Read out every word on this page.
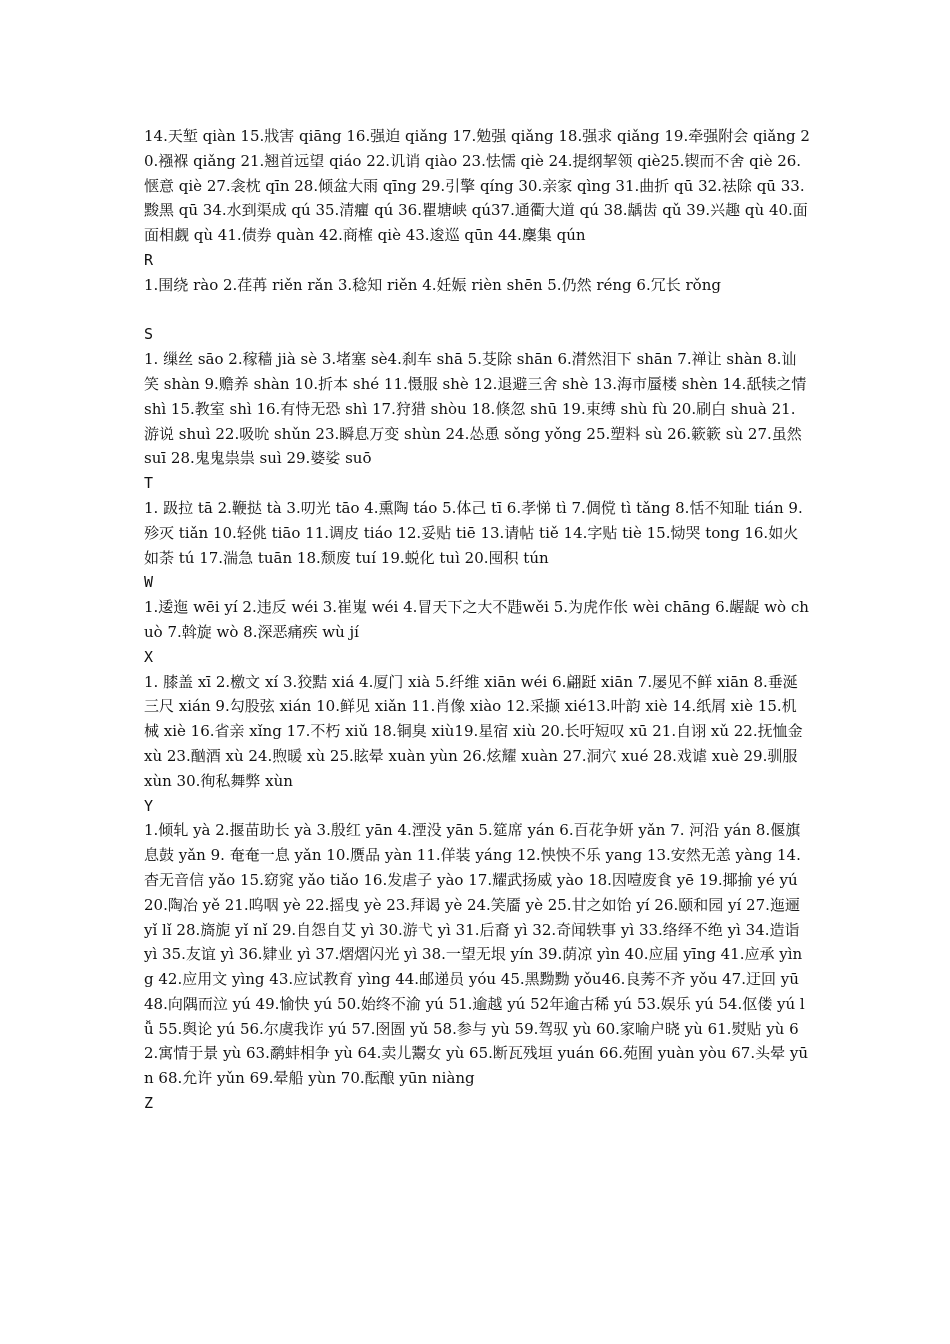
14.天堑 qiàn 15.戕害 qiāng 16.强迫 qiǎng 17.勉强 qiǎng 18.强求 qiǎng 19.牵强附会 qiǎng 20.襁褓 qiǎng 21.翘首远望 qiáo 22.讥诮 qiào 23.怯懦 qiè 24.提纲挈领 qiè25.锲而不舍 qiè 26.惬意 qiè 27.衾枕 qīn 28.倾盆大雨 qīng 29.引擎 qíng 30.亲家 qìng 31.曲折 qū 32.祛除 qū 33.黢黑 qū 34.水到渠成 qú 35.清癯 qú 36.瞿塘峡 qú37.通衢大道 qú 38.龋齿 qǔ 39.兴趣 qù 40.面面相觑 qù 41.债券 quàn 42.商榷 qiè 43.逡巡 qūn 44.麇集 qún

R

1.围绕 rào 2.荏苒 riěn rǎn 3.稔知 riěn 4.妊娠 rièn shēn 5.仍然 réng 6.冗长 rǒng

S

1. 缫丝 sāo 2.稼穑 jià sè 3.堵塞 sè4.刹车 shā 5.芟除 shān 6.潸然泪下 shān 7.禅让 shàn 8.讪笑 shàn 9.赡养 shàn 10.折本 shé 11.慑服 shè 12.退避三舍 shè 13.海市蜃楼 shèn 14.舐犊之情 shì 15.教室 shì 16.有恃无恐 shì 17.狩猎 shòu 18.倏忽 shū 19.束缚 shù fù 20.刷白 shuà 21.游说 shuì 22.吸吮 shǔn 23.瞬息万变 shùn 24.怂恿 sǒng yǒng 25.塑料 sù 26.簌簌 sù 27.虽然 suī 28.鬼鬼祟祟 suì 29.婆娑 suō

T

1. 趿拉 tā 2.鞭挞 tà 3.叨光 tāo 4.熏陶 táo 5.体己 tī 6.孝悌 tì 7.倜傥 tì tǎng 8.恬不知耻 tián 9.殄灭 tiǎn 10.轻佻 tiāo 11.调皮 tiáo 12.妥贴 tiē 13.请帖 tiě 14.字贴 tiè 15.恸哭 tong 16.如火如荼 tú 17.湍急 tuān 18.颓废 tuí 19.蜕化 tuì 20.囤积 tún

W

1.逶迤 wēi yí 2.违反 wéi 3.崔嵬 wéi 4.冒天下之大不韪wěi 5.为虎作伥 wèi chāng 6.龌龊 wò chuò 7.斡旋 wò 8.深恶痛疾 wù jí

X

1. 膝盖 xī 2.檄文 xí 3.狡黠 xiá 4.厦门 xià 5.纤维 xiān wéi 6.翩跹 xiān 7.屡见不鲜 xiān 8.垂涎三尺 xián 9.勾股弦 xián 10.鲜见 xiǎn 11.肖像 xiào 12.采撷 xié13.叶韵 xiè 14.纸屑 xiè 15.机械 xiè 16.省亲 xǐng 17.不朽 xiǔ 18.铜臭 xiù19.星宿 xiù 20.长吁短叹 xū 21.自诩 xǔ 22.抚恤金 xù 23.酗酒 xù 24.煦暖 xù 25.眩晕 xuàn yùn 26.炫耀 xuàn 27.洞穴 xué 28.戏谑 xuè 29.驯服 xùn 30.徇私舞弊 xùn

Y

1.倾轧 yà 2.揠苗助长 yà 3.殷红 yān 4.湮没 yān 5.筵席 yán 6.百花争妍 yǎn 7. 河沿 yán 8.偃旗息鼓 yǎn 9. 奄奄一息 yǎn 10.赝品 yàn 11.佯装 yáng 12.怏怏不乐 yang 13.安然无恙 yàng 14.杳无音信 yǎo 15.窈窕 yǎo tiǎo 16.发虐子 yào 17.耀武扬威 yào 18.因噎废食 yē 19.揶揄 yé yú 20.陶冶 yě 21.呜咽 yè 22.摇曳 yè 23.拜谒 yè 24.笑靥 yè 25.甘之如饴 yí 26.颐和园 yí 27.迤逦 yǐ lǐ 28.旖旎 yǐ nǐ 29.自怨自艾 yì 30.游弋 yì 31.后裔 yì 32.奇闻轶事 yì 33.络绎不绝 yì 34.造诣 yì 35.友谊 yì 36.肄业 yì 37.熠熠闪光 yì 38.一望无垠 yín 39.荫凉 yìn 40.应届 yīng 41.应承 yìng 42.应用文 yìng 43.应试教育 yìng 44.邮递员 yóu 45.黑黝黝 yǒu46.良莠不齐 yǒu 47.迂回 yū 48.向隅而泣 yú 49.愉快 yú 50.始终不渝 yú 51.逾越 yú 52年逾古稀 yú 53.娱乐 yú 54.伛偻 yú lǚ 55.舆论 yú 56.尔虞我诈 yú 57.囹圄 yǔ 58.参与 yù 59.驾驭 yù 60.家喻户晓 yù 61.熨贴 yù 62.寓情于景 yù 63.鹬蚌相争 yù 64.卖儿鬻女 yù 65.断瓦残垣 yuán 66.苑囿 yuàn yòu 67.头晕 yūn 68.允许 yǔn 69.晕船 yùn 70.酝酿 yūn niàng

Z
